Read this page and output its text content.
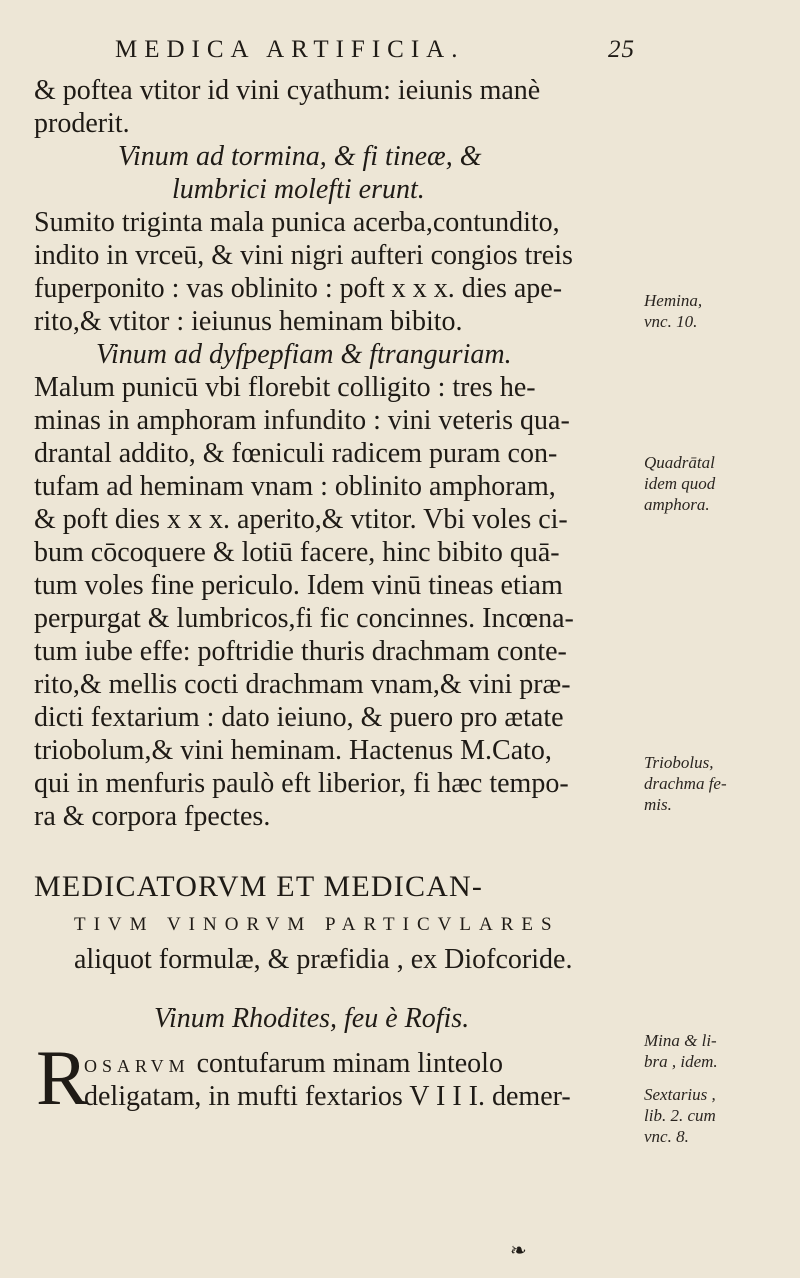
MEDICA ARTIFICIA.	25
& poftea vtitor id vini cyathum: ieiunis manè
proderit.
Vinum ad tormina, & fi tineæ, &
lumbrici molefti erunt.
Sumito triginta mala punica acerba,contundito,
indito in vrceū, & vini nigri aufteri congios treis
fuperponito : vas oblinito : poft x x x. dies ape-
rito,& vtitor : ieiunus heminam bibito.
Vinum ad dyfpepfiam & ftranguriam.
Malum punicū vbi florebit colligito : tres he-
minas in amphoram infundito : vini veteris qua-
drantal addito, & fœniculi radicem puram con-
tufam ad heminam vnam : oblinito amphoram,
& poft dies x x x. aperito,& vtitor. Vbi voles ci-
bum cōcoquere & lotiū facere, hinc bibito quā-
tum voles fine periculo. Idem vinū tineas etiam
perpurgat & lumbricos,fi fic concinnes. Incœna-
tum iube effe: poftridie thuris drachmam conte-
rito,& mellis cocti drachmam vnam,& vini præ-
dicti fextarium : dato ieiuno, & puero pro ætate
triobolum,& vini heminam. Hactenus M.Cato,
qui in menfuris paulò eft liberior, fi hæc tempo-
ra & corpora fpectes.
MEDICATORVM ET MEDICAN-
TIVM VINORVM PARTICVLARES
aliquot formulæ, & præfidia , ex Diofcoride.
Vinum Rhodites, feu è Rofis.
R
OSARVM contufarum minam linteolo
deligatam, in mufti fextarios V I I I. demer-
Hemina,
vnc. 10.
Quadrātal
idem quod
amphora.
Triobolus,
drachma fe-
mis.
Mina & li-
bra , idem.
Sextarius ,
lib. 2. cum
vnc. 8.
❧
